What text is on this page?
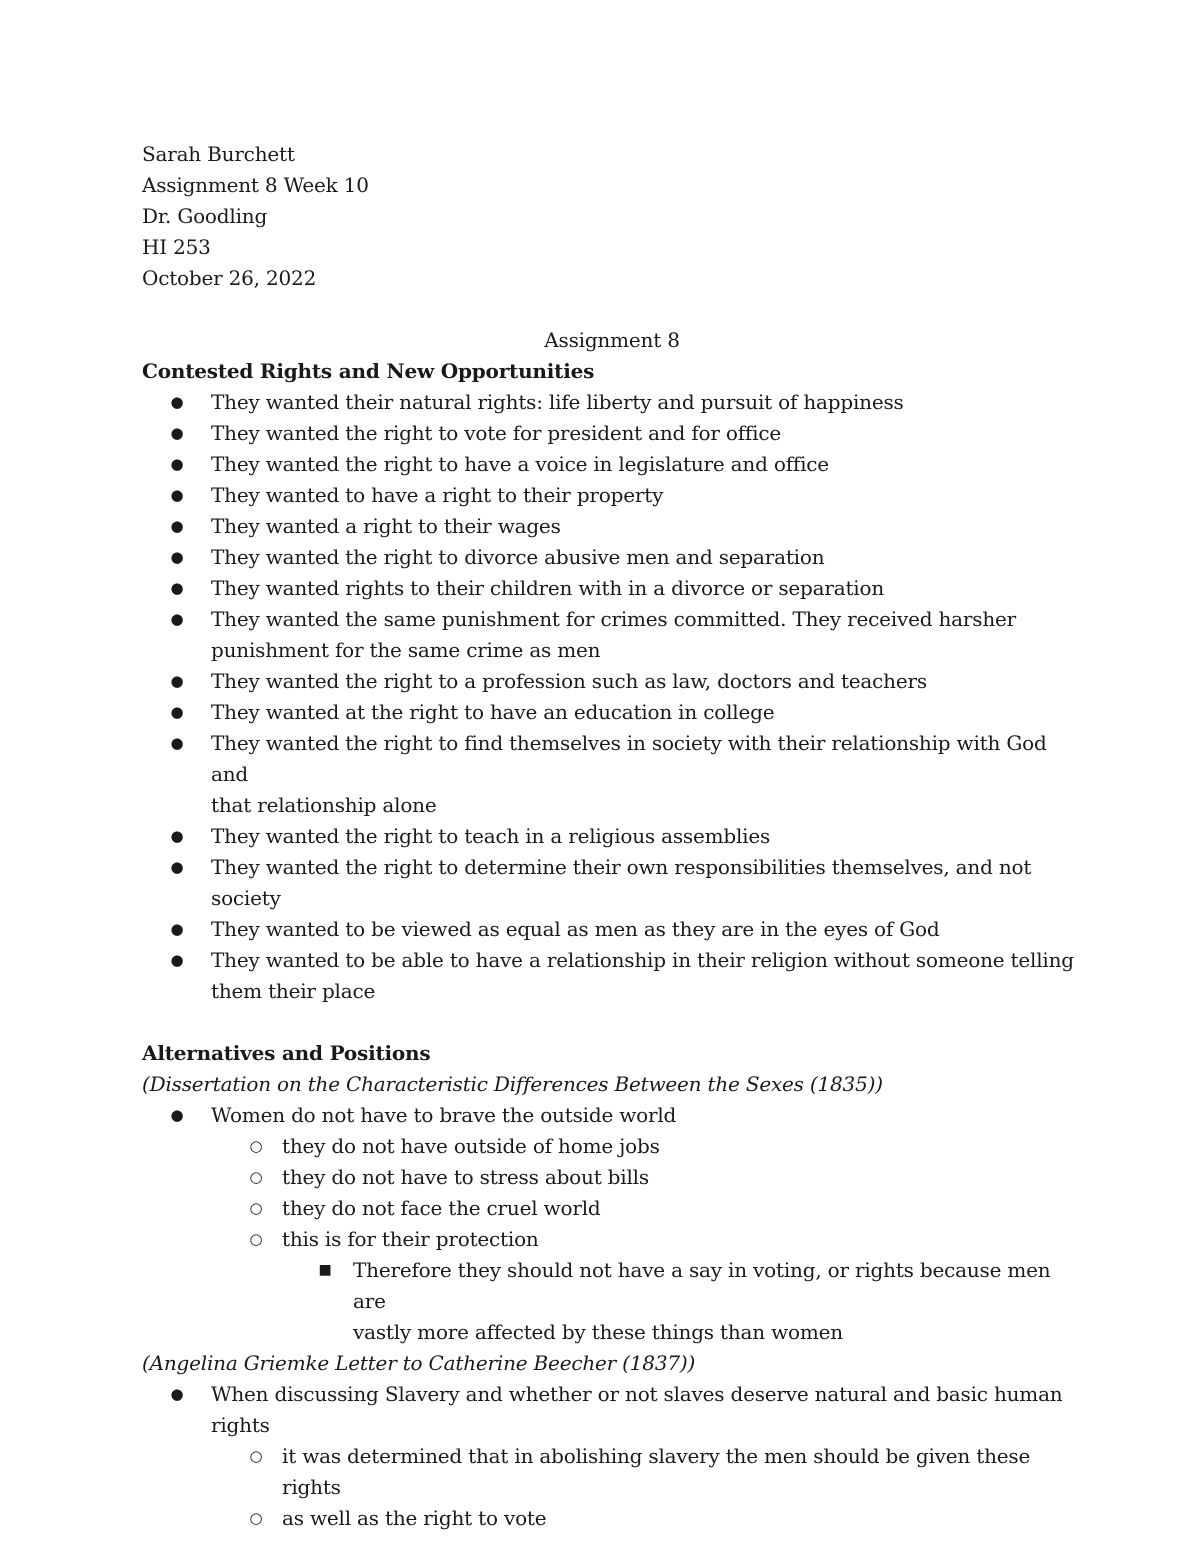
Sarah Burchett

Assignment 8 Week 10

Dr. Goodling

HI 253

October 26, 2022

Assignment 8

Contested Rights and New Opportunities

●
They wanted their natural rights: life liberty and pursuit of happiness
●
They wanted the right to vote for president and for office
●
They wanted the right to have a voice in legislature and office
●
They wanted to have a right to their property
●
They wanted a right to their wages
●
They wanted the right to divorce abusive men and separation
●
They wanted rights to their children with in a divorce or separation
●
They wanted the same punishment for crimes committed. They received harsher
punishment for the same crime as men
●
They wanted the right to a profession such as law, doctors and teachers
●
They wanted at the right to have an education in college
●
They wanted the right to find themselves in society with their relationship with God and
that relationship alone
●
They wanted the right to teach in a religious assemblies
●
They wanted the right to determine their own responsibilities themselves, and not society
●
They wanted to be viewed as equal as men as they are in the eyes of God
●
They wanted to be able to have a relationship in their religion without someone telling
them their place

Alternatives and Positions

(Dissertation on the Characteristic Differences Between the Sexes (1835))

●
Women do not have to brave the outside world
○
they do not have outside of home jobs
○
they do not have to stress about bills
○
they do not face the cruel world
○
this is for their protection
■
Therefore they should not have a say in voting, or rights because men are
vastly more affected by these things than women

(Angelina Griemke Letter to Catherine Beecher (1837))

●
When discussing Slavery and whether or not slaves deserve natural and basic human
rights
○
it was determined that in abolishing slavery the men should be given these rights
○
as well as the right to vote
